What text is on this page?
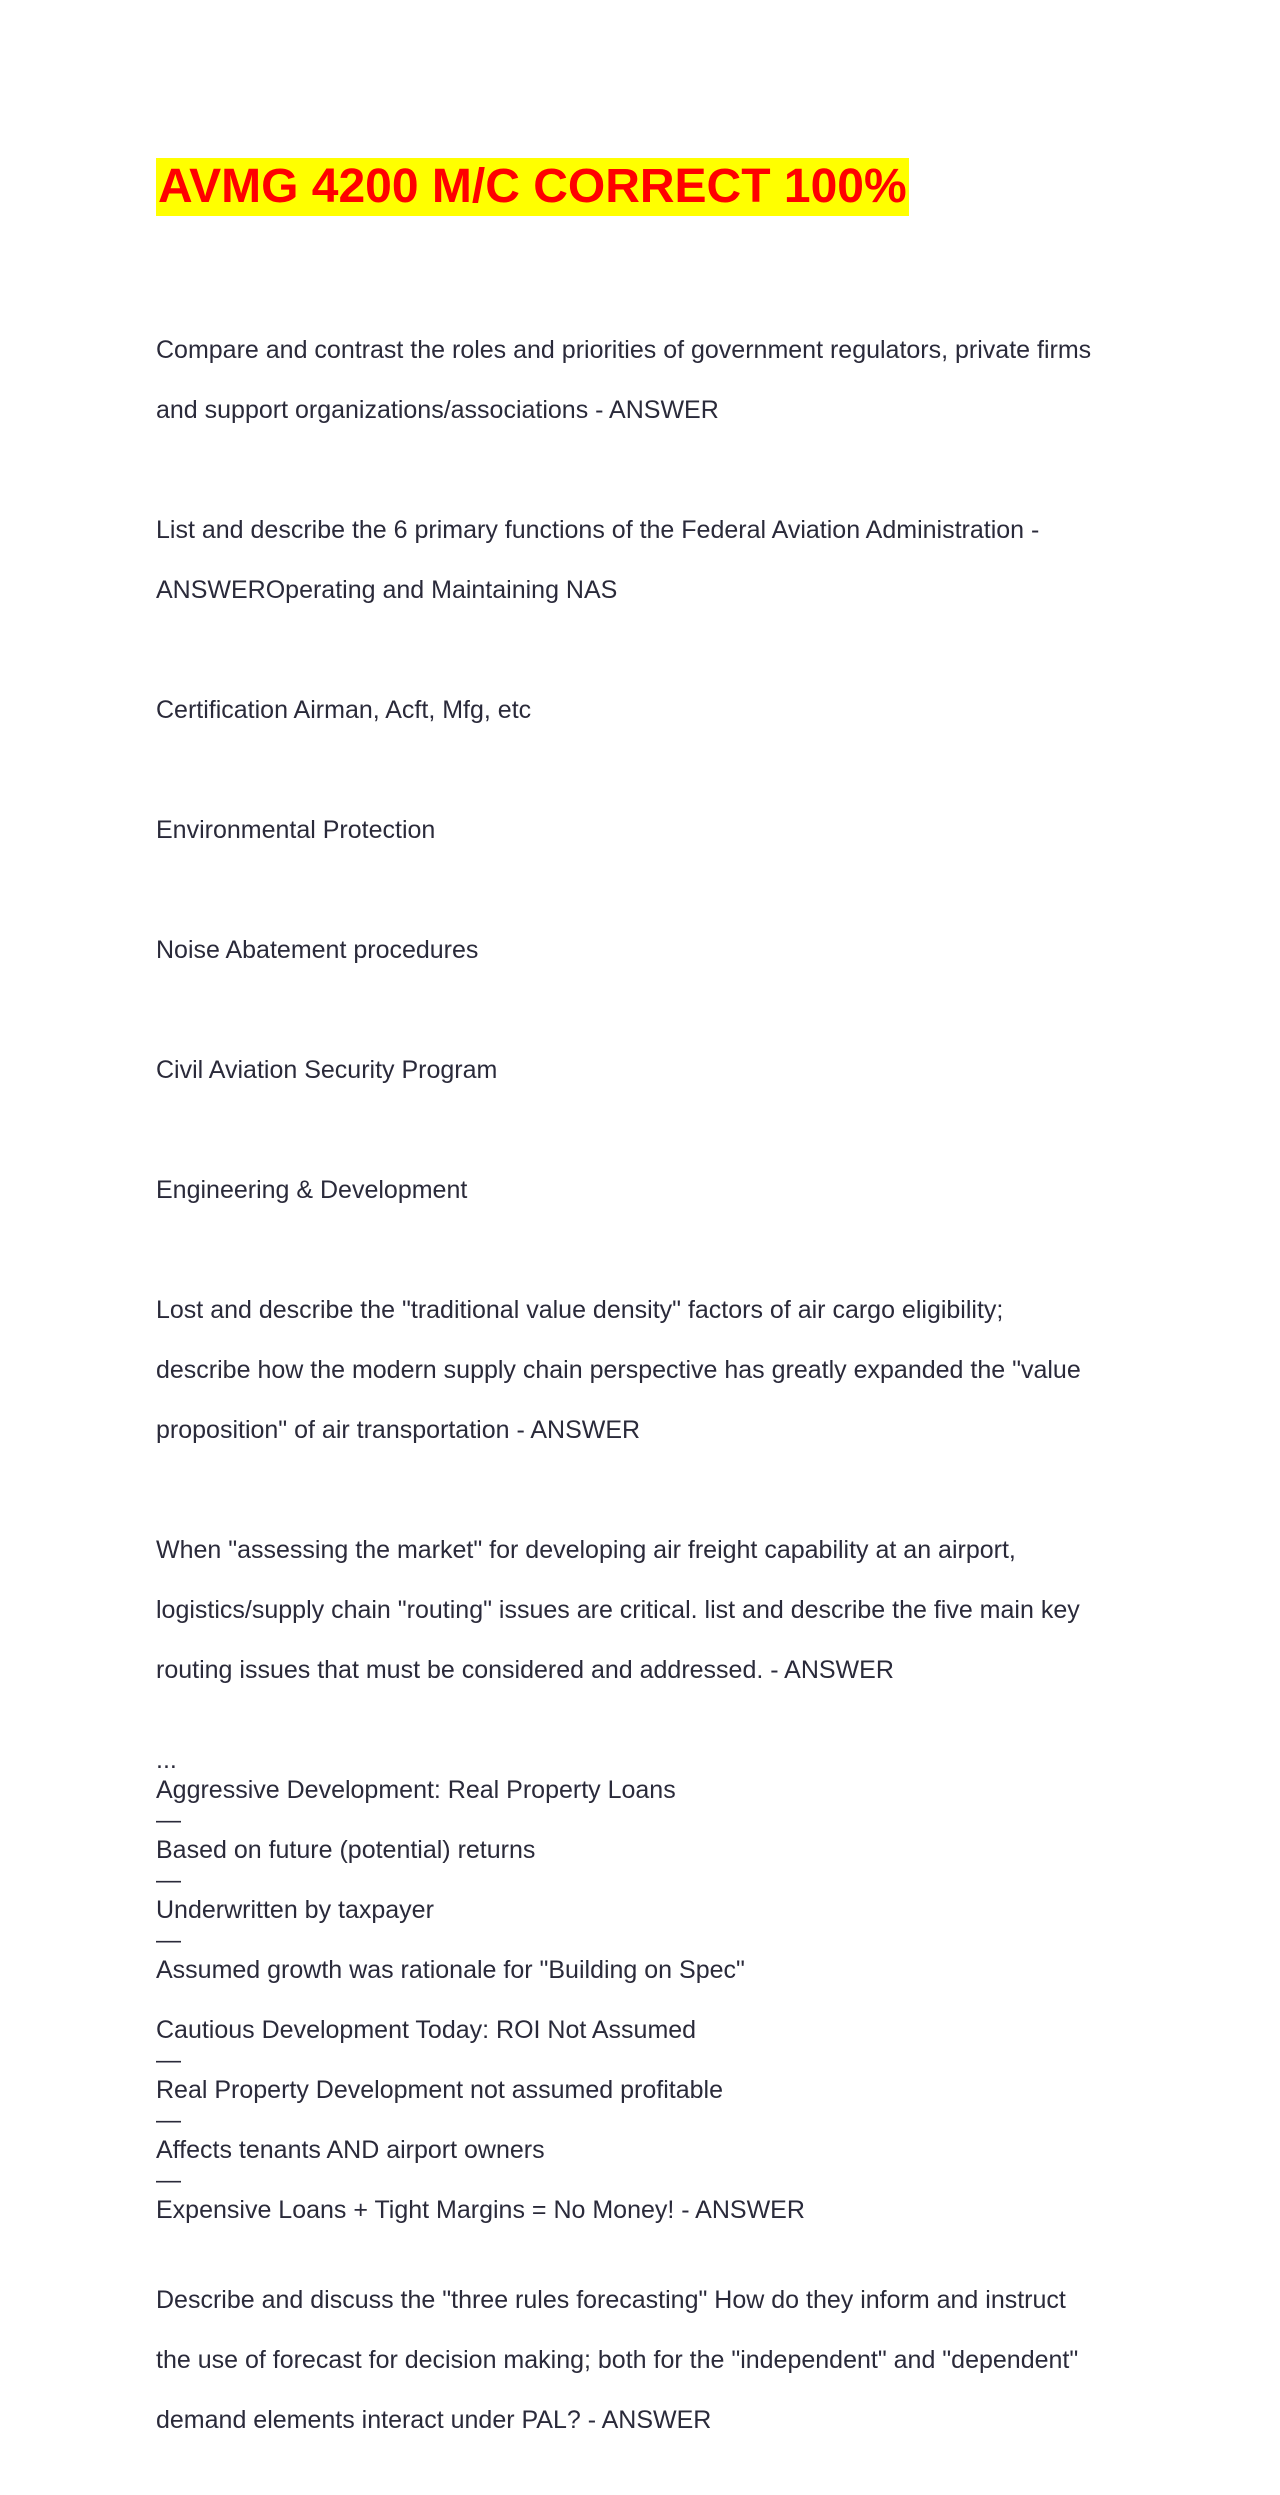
AVMG 4200 M/C CORRECT 100%

Compare and contrast the roles and priorities of government regulators, private firms

and support organizations/associations - ANSWER

List and describe the 6 primary functions of the Federal Aviation Administration -

ANSWEROperating and Maintaining NAS

Certification Airman, Acft, Mfg, etc

Environmental Protection

Noise Abatement procedures

Civil Aviation Security Program

Engineering & Development

Lost and describe the "traditional value density" factors of air cargo eligibility;

describe how the modern supply chain perspective has greatly expanded the "value

proposition" of air transportation - ANSWER

When "assessing the market" for developing air freight capability at an airport,

logistics/supply chain "routing" issues are critical. list and describe the five main key

routing issues that must be considered and addressed. - ANSWER

...
Aggressive Development: Real Property Loans
—
Based on future (potential) returns
—
Underwritten by taxpayer
—
Assumed growth was rationale for "Building on Spec"
Cautious Development Today: ROI Not Assumed
—
Real Property Development not assumed profitable
—
Affects tenants AND airport owners
—
Expensive Loans + Tight Margins = No Money! - ANSWER

Describe and discuss the "three rules forecasting" How do they inform and instruct

the use of forecast for decision making; both for the "independent" and "dependent"

demand elements interact under PAL? - ANSWER
